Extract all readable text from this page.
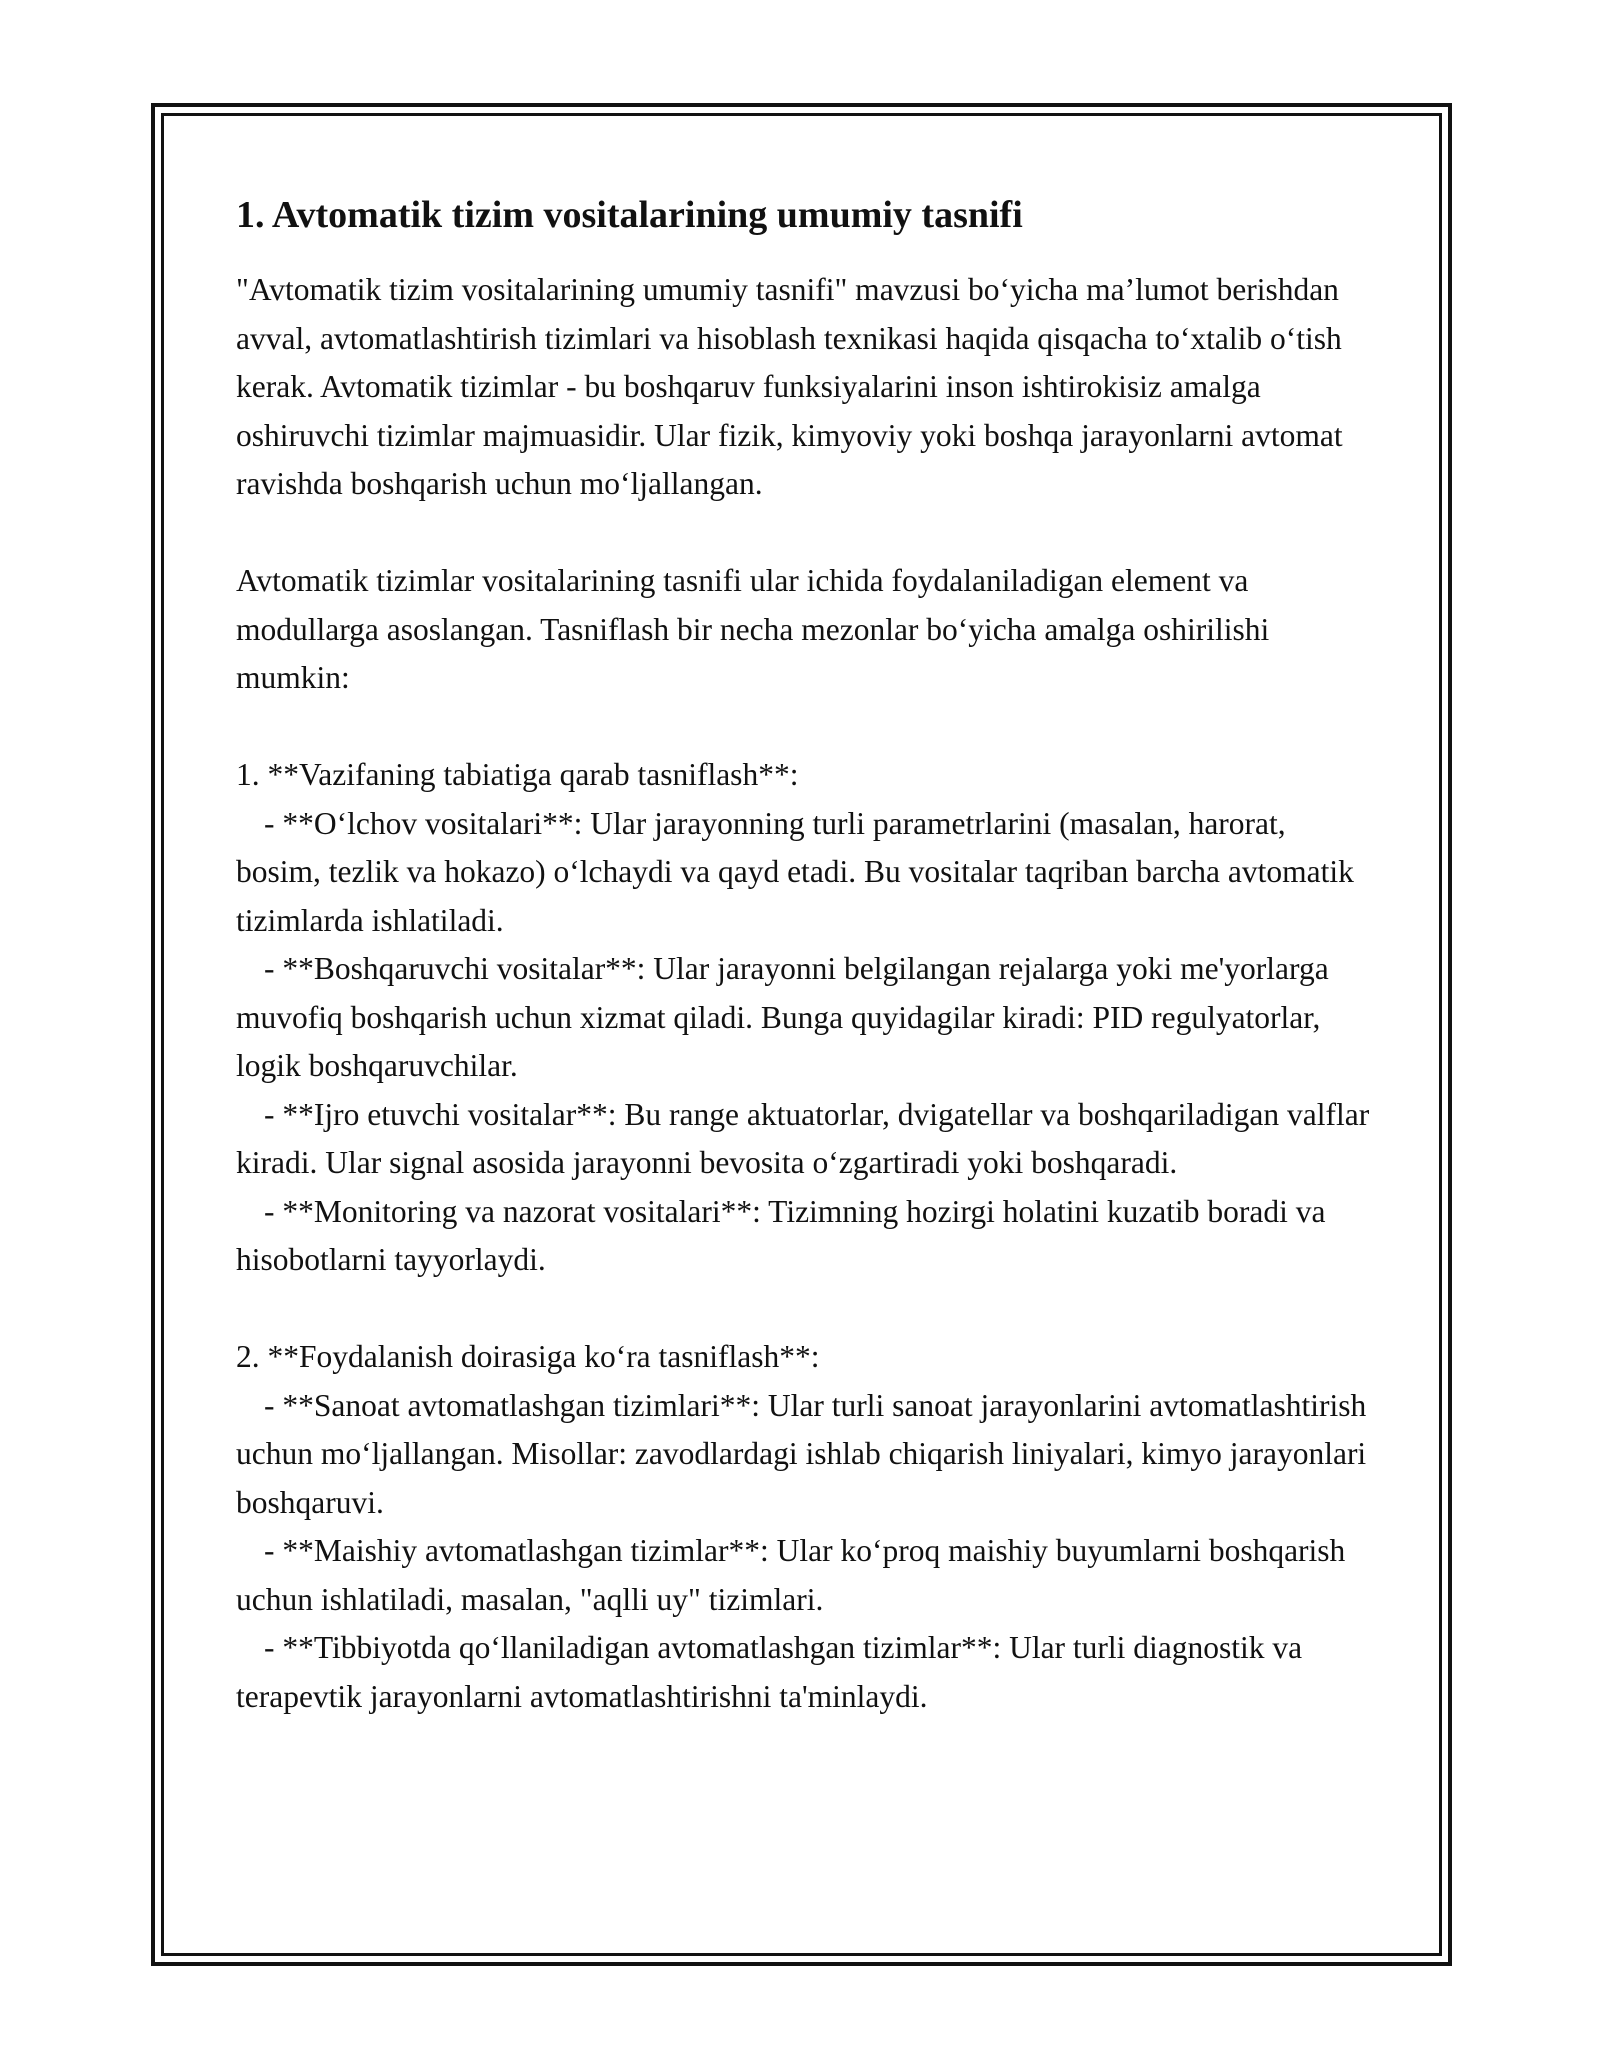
1. Avtomatik tizim vositalarining umumiy tasnifi

"Avtomatik tizim vositalarining umumiy tasnifi" mavzusi bo‘yicha ma’lumot berishdan avval, avtomatlashtirish tizimlari va hisoblash texnikasi haqida qisqacha to‘xtalib o‘tish kerak. Avtomatik tizimlar - bu boshqaruv funksiyalarini inson ishtirokisiz amalga oshiruvchi tizimlar majmuasidir. Ular fizik, kimyoviy yoki boshqa jarayonlarni avtomat ravishda boshqarish uchun mo‘ljallangan.

Avtomatik tizimlar vositalarining tasnifi ular ichida foydalaniladigan element va modullarga asoslangan. Tasniflash bir necha mezonlar bo‘yicha amalga oshirilishi mumkin:

1. **Vazifaning tabiatiga qarab tasniflash**:

- **O‘lchov vositalari**: Ular jarayonning turli parametrlarini (masalan, harorat, bosim, tezlik va hokazo) o‘lchaydi va qayd etadi. Bu vositalar taqriban barcha avtomatik tizimlarda ishlatiladi.

- **Boshqaruvchi vositalar**: Ular jarayonni belgilangan rejalarga yoki me'yorlarga muvofiq boshqarish uchun xizmat qiladi. Bunga quyidagilar kiradi: PID regulyatorlar, logik boshqaruvchilar.

- **Ijro etuvchi vositalar**: Bu range aktuatorlar, dvigatellar va boshqariladigan valflar kiradi. Ular signal asosida jarayonni bevosita o‘zgartiradi yoki boshqaradi.

- **Monitoring va nazorat vositalari**: Tizimning hozirgi holatini kuzatib boradi va hisobotlarni tayyorlaydi.

2. **Foydalanish doirasiga ko‘ra tasniflash**:

- **Sanoat avtomatlashgan tizimlari**: Ular turli sanoat jarayonlarini avtomatlashtirish uchun mo‘ljallangan. Misollar: zavodlardagi ishlab chiqarish liniyalari, kimyo jarayonlari boshqaruvi.

- **Maishiy avtomatlashgan tizimlar**: Ular ko‘proq maishiy buyumlarni boshqarish uchun ishlatiladi, masalan, "aqlli uy" tizimlari.

- **Tibbiyotda qo‘llaniladigan avtomatlashgan tizimlar**: Ular turli diagnostik va terapevtik jarayonlarni avtomatlashtirishni ta'minlaydi.
